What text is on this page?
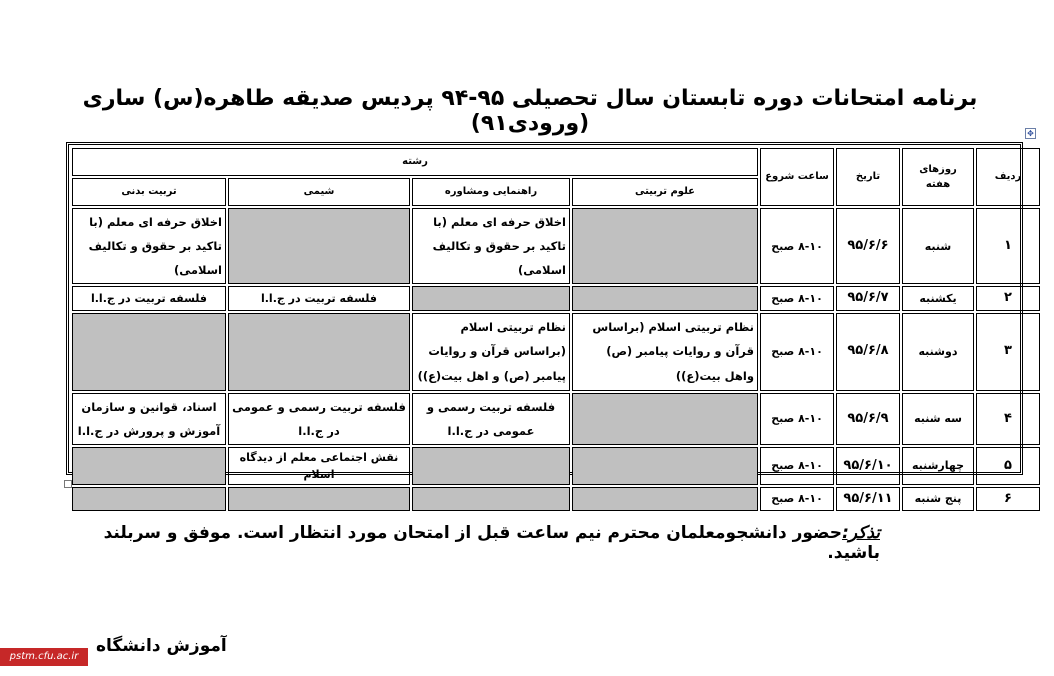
برنامه امتحانات دوره تابستان سال تحصیلی ۹۵-۹۴ پردیس صدیقه طاهره(س) ساری (ورودی۹۱)	✥
ردیف	روزهای هفته	تاریخ	ساعت شروع	رشته			
				علوم تربیتی	راهنمایی ومشاوره	شیمی	تربیت بدنی
۱	شنبه	۹۵/۶/۶	۸-۱۰ صبح		اخلاق حرفه ای معلم (با تاکید بر حقوق و تکالیف اسلامی)		اخلاق حرفه ای معلم (با تاکید بر حقوق و تکالیف اسلامی)
۲	یکشنبه	۹۵/۶/۷	۸-۱۰ صبح			فلسفه تربیت در ج.ا.ا	فلسفه تربیت در ج.ا.ا
۳	دوشنبه	۹۵/۶/۸	۸-۱۰ صبح	نظام تربیتی اسلام (براساس قرآن و روایات پیامبر (ص) واهل بیت(ع))	نظام تربیتی اسلام (براساس قرآن و روایات پیامبر (ص) و اهل بیت(ع))		
۴	سه شنبه	۹۵/۶/۹	۸-۱۰ صبح		فلسفه تربیت رسمی و عمومی در ج.ا.ا	فلسفه تربیت رسمی و عمومی در ج.ا.ا	اسناد، قوانین و سازمان آموزش و پرورش در ج.ا.ا
۵	چهارشنبه	۹۵/۶/۱۰	۸-۱۰ صبح			نقش اجتماعی معلم از دیدگاه اسلام	
۶	پنج شنبه	۹۵/۶/۱۱	۸-۱۰ صبح				
تذکر:حضور دانشجومعلمان محترم نیم ساعت قبل از امتحان مورد انتظار است. موفق و سربلند باشید.
آموزش دانشگاه
pstm.cfu.ac.ir
